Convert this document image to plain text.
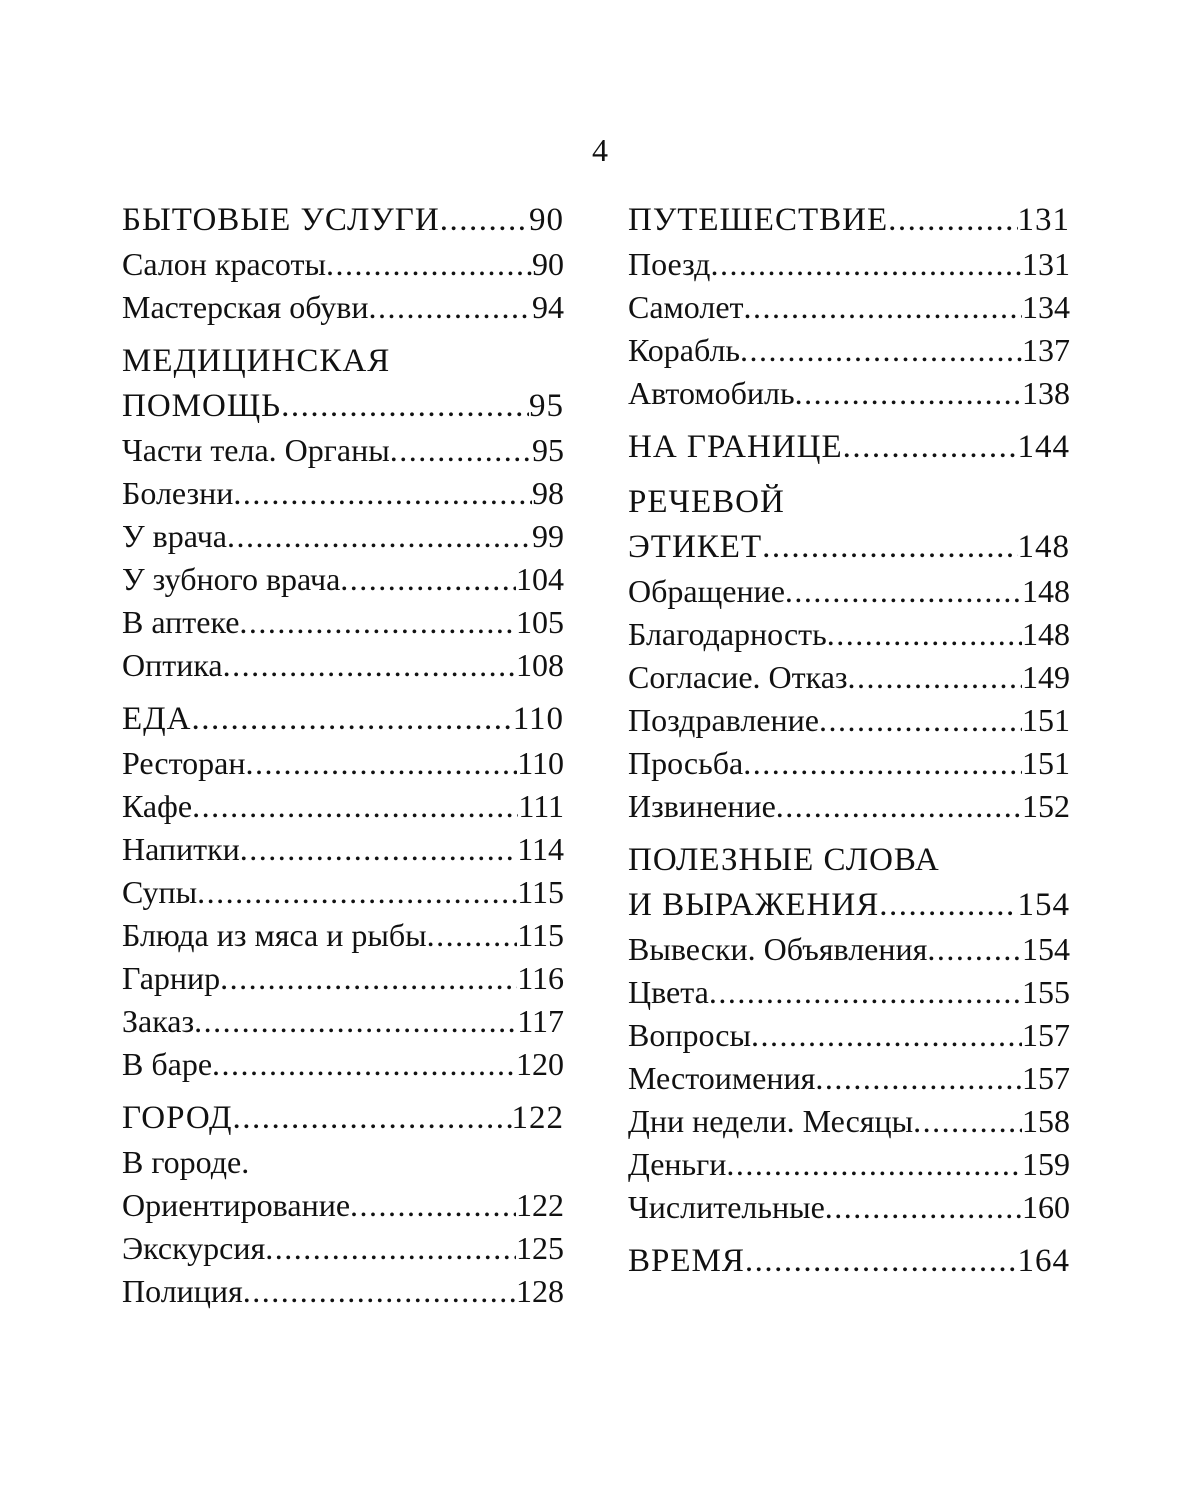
4
БЫТОВЫЕ УСЛУГИ .....	90
Салон красоты .....	90
Мастерская обуви .....	94
МЕДИЦИНСКАЯ
ПОМОЩЬ .....	95
Части тела. Органы .....	95
Болезни .....	98
У врача .....	99
У зубного врача .....	104
В аптеке .....	105
Оптика .....	108
ЕДА .....	110
Ресторан .....	110
Кафе .....	111
Напитки .....	114
Супы .....	115
Блюда из мяса и рыбы .....	115
Гарнир .....	116
Заказ .....	117
В баре .....	120
ГОРОД .....	122
В городе.
Ориентирование .....	122
Экскурсия .....	125
Полиция .....	128
ПУТЕШЕСТВИЕ .....	131
Поезд .....	131
Самолет .....	134
Корабль .....	137
Автомобиль .....	138
НА ГРАНИЦЕ .....	144
РЕЧЕВОЙ
ЭТИКЕТ .....	148
Обращение .....	148
Благодарность .....	148
Согласие. Отказ .....	149
Поздравление .....	151
Просьба .....	151
Извинение .....	152
ПОЛЕЗНЫЕ СЛОВА
И ВЫРАЖЕНИЯ .....	154
Вывески. Объявления .....	154
Цвета .....	155
Вопросы .....	157
Местоимения .....	157
Дни недели. Месяцы .....	158
Деньги .....	159
Числительные .....	160
ВРЕМЯ .....	164
